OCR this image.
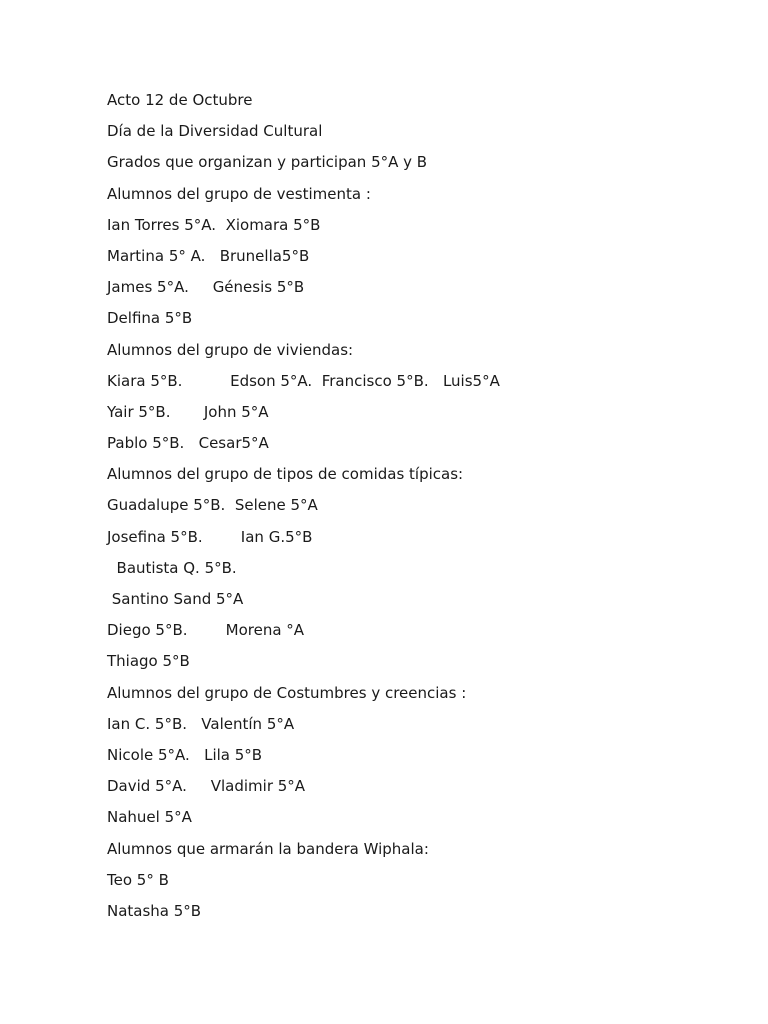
Acto 12 de Octubre

Día de la Diversidad Cultural

Grados que organizan y participan 5°A y B

Alumnos del grupo de vestimenta :

Ian Torres 5°A.  Xiomara 5°B

Martina 5° A.   Brunella5°B

James 5°A.     Génesis 5°B

Delfina 5°B

Alumnos del grupo de viviendas:

Kiara 5°B.          Edson 5°A.  Francisco 5°B.   Luis5°A

Yair 5°B.       John 5°A

Pablo 5°B.   Cesar5°A

Alumnos del grupo de tipos de comidas típicas:

Guadalupe 5°B.  Selene 5°A

Josefina 5°B.        Ian G.5°B

Bautista Q. 5°B.

Santino Sand 5°A

Diego 5°B.        Morena °A

Thiago 5°B

Alumnos del grupo de Costumbres y creencias :

Ian C. 5°B.   Valentín 5°A

Nicole 5°A.   Lila 5°B

David 5°A.     Vladimir 5°A

Nahuel 5°A

Alumnos que armarán la bandera Wiphala:

Teo 5° B

Natasha 5°B
